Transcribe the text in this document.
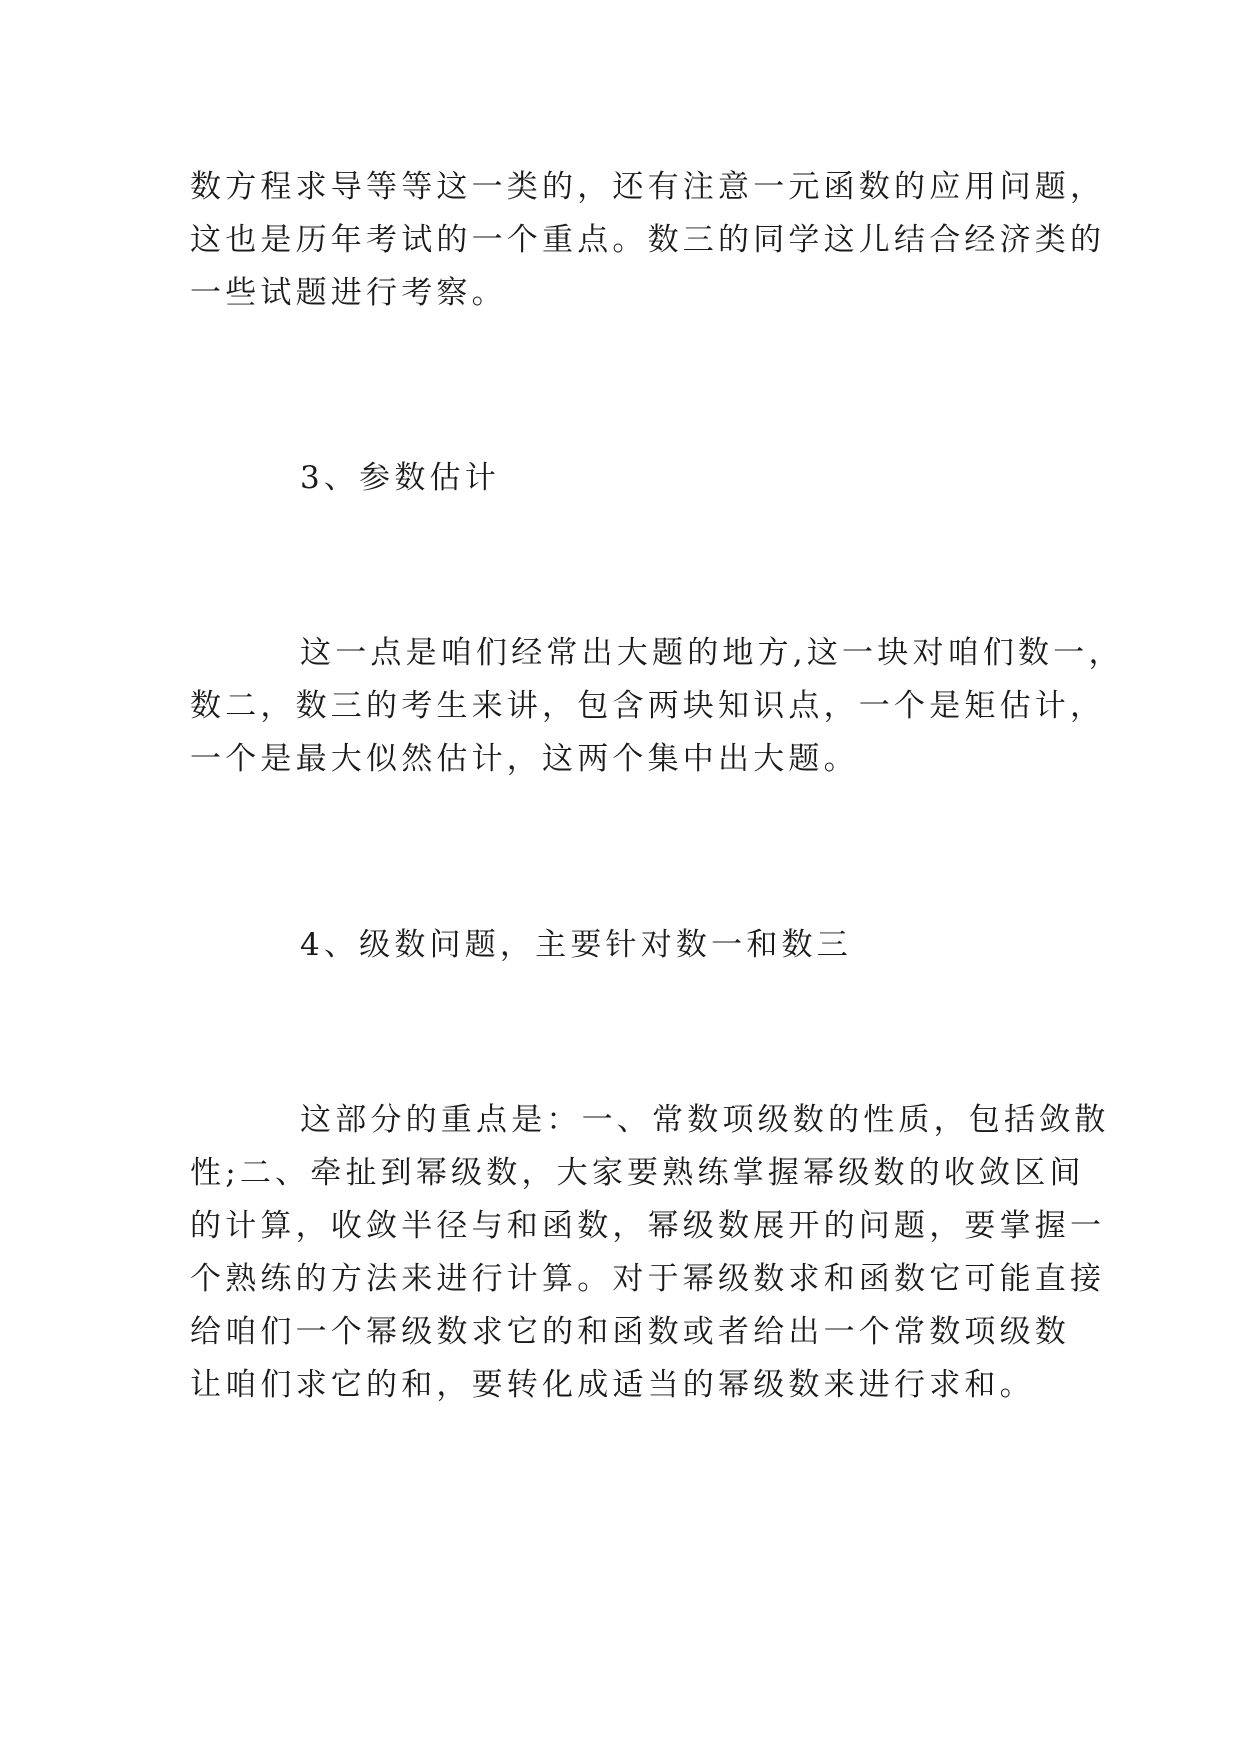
数方程求导等等这一类的，还有注意一元函数的应用问题，
这也是历年考试的一个重点。数三的同学这儿结合经济类的
一些试题进行考察。
3、参数估计
这一点是咱们经常出大题的地方,这一块对咱们数一，
数二，数三的考生来讲，包含两块知识点，一个是矩估计，
一个是最大似然估计，这两个集中出大题。
4、级数问题，主要针对数一和数三
这部分的重点是：一、常数项级数的性质，包括敛散
性;二、牵扯到幂级数，大家要熟练掌握幂级数的收敛区间
的计算，收敛半径与和函数，幂级数展开的问题，要掌握一
个熟练的方法来进行计算。对于幂级数求和函数它可能直接
给咱们一个幂级数求它的和函数或者给出一个常数项级数
让咱们求它的和，要转化成适当的幂级数来进行求和。
